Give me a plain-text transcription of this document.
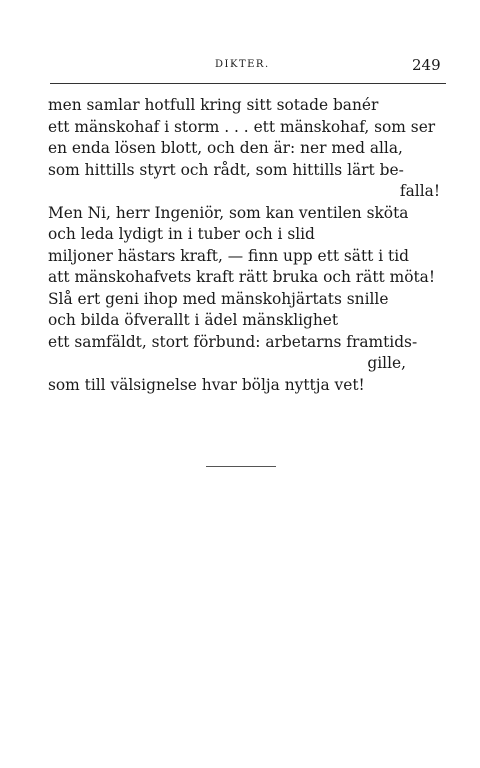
DIKTER.	249
men samlar hotfull kring sitt sotade banér
ett mänskohaf i storm . . . ett mänskohaf, som ser
en enda lösen blott, och den är: ner med alla,
som hittills styrt och rådt, som hittills lärt be-
falla!
Men Ni, herr Ingeniör, som kan ventilen sköta
och leda lydigt in i tuber och i slid
miljoner hästars kraft, — finn upp ett sätt i tid
att mänskohafvets kraft rätt bruka och rätt möta!
Slå ert geni ihop med mänskohjärtats snille
och bilda öfverallt i ädel mänsklighet
ett samfäldt, stort förbund: arbetarns framtids-
gille,
som till välsignelse hvar bölja nyttja vet!
